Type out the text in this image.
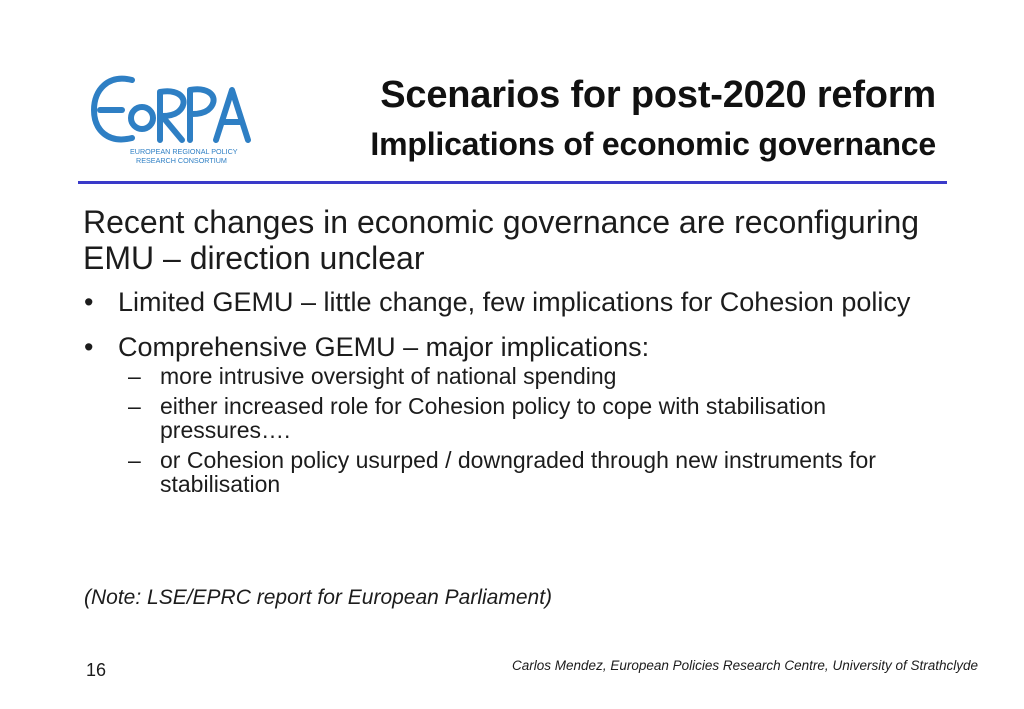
EUROPEAN REGIONAL POLICY
RESEARCH CONSORTIUM
Scenarios for post-2020 reform
Implications of economic governance

Recent changes in economic governance are reconfiguring EMU – direction unclear

• Limited GEMU – little change, few implications for Cohesion policy
• Comprehensive GEMU – major implications:
– more intrusive oversight of national spending
– either increased role for Cohesion policy to cope with stabilisation pressures….
– or Cohesion policy usurped / downgraded through new instruments for stabilisation
(Note: LSE/EPRC report for European Parliament)
16	Carlos Mendez, European Policies Research Centre, University of Strathclyde
